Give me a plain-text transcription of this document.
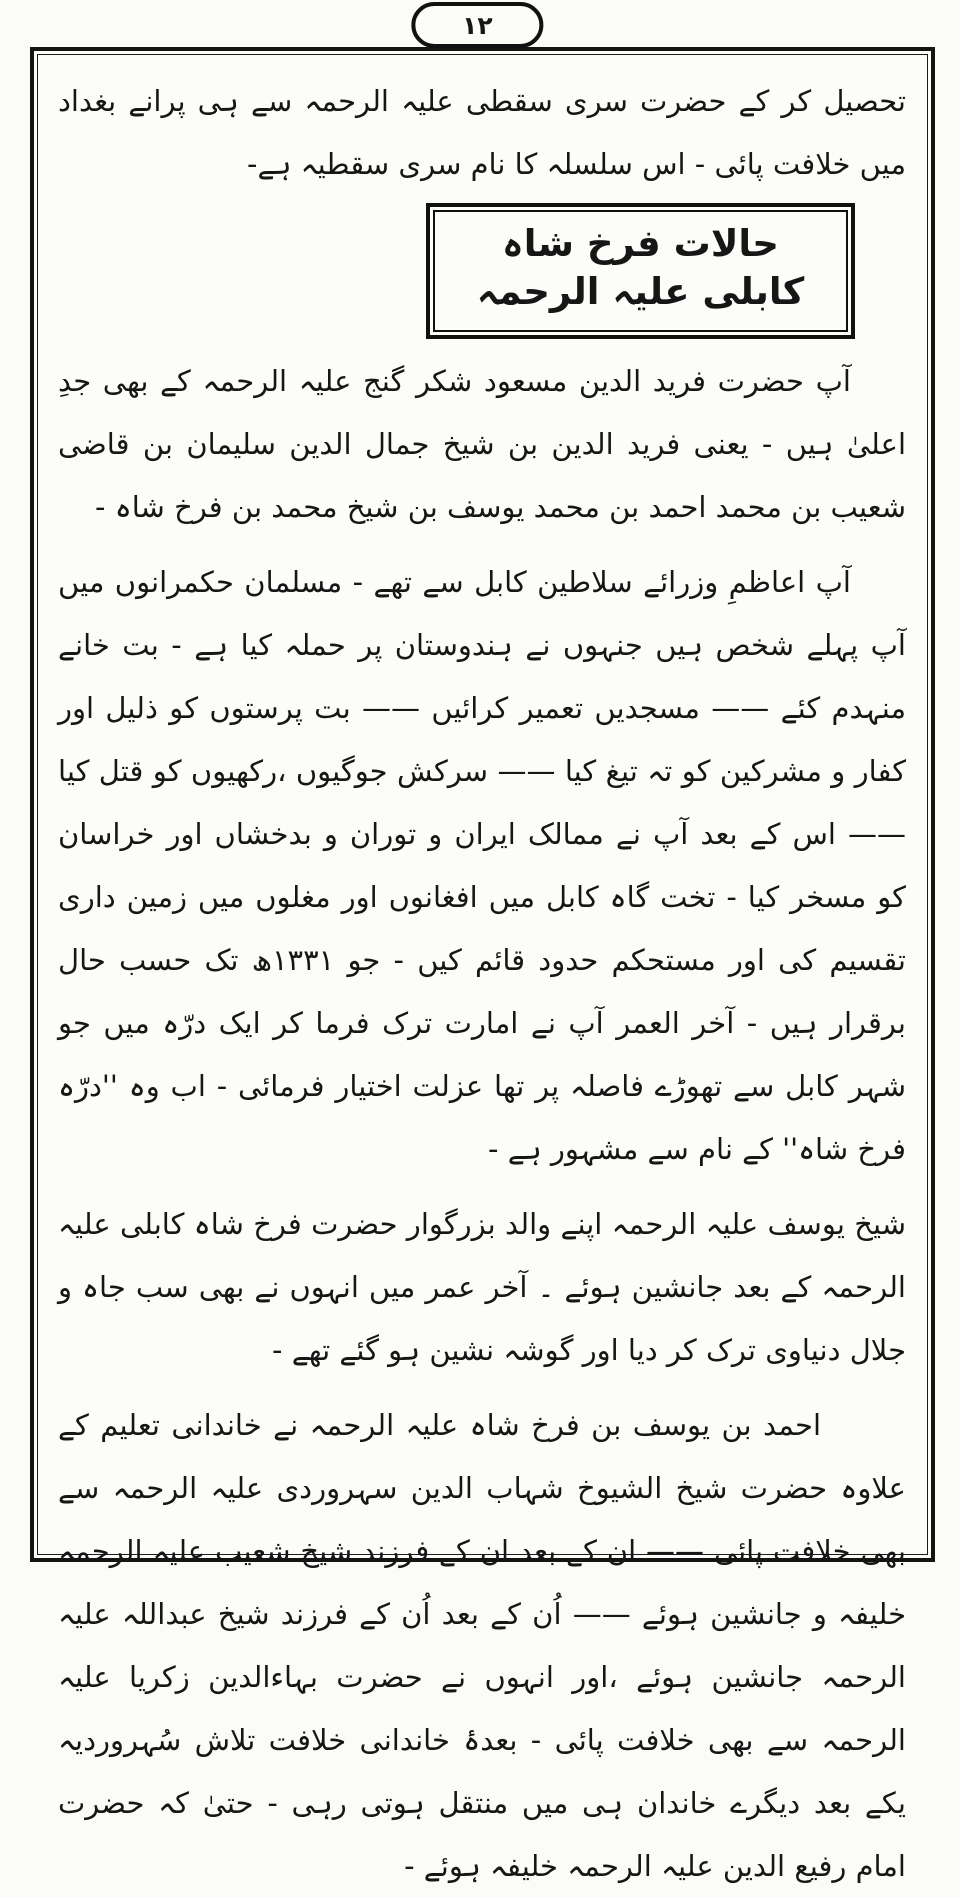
۱۲
تحصیل کر کے حضرت سری سقطی علیہ الرحمہ سے ہی پرانے بغداد میں خلافت پائی - اس سلسلہ کا نام سری سقطیہ ہے-
حالات فرخ شاہ کابلی علیہ الرحمہ
آپ حضرت فرید الدین مسعود شکر گنج علیہ الرحمہ کے بھی جدِ اعلیٰ ہیں - یعنی فرید الدین بن شیخ جمال الدین سلیمان بن قاضی شعیب بن محمد احمد بن محمد یوسف بن شیخ محمد بن فرخ شاہ -
آپ اعاظمِ وزرائے سلاطین کابل سے تھے - مسلمان حکمرانوں میں آپ پہلے شخص ہیں جنہوں نے ہندوستان پر حملہ کیا ہے - بت خانے منہدم کئے —— مسجدیں تعمیر کرائیں —— بت پرستوں کو ذلیل اور کفار و مشرکین کو تہ تیغ کیا —— سرکش جوگیوں ،رکھیوں کو قتل کیا —— اس کے بعد آپ نے ممالک ایران و توران و بدخشاں اور خراسان کو مسخر کیا - تخت گاہ کابل میں افغانوں اور مغلوں میں زمین داری تقسیم کی اور مستحکم حدود قائم کیں - جو ۱۳۳۱ھ تک حسب حال برقرار ہیں - آخر العمر آپ نے امارت ترک فرما کر ایک درّہ میں جو شہر کابل سے تھوڑے فاصلہ پر تھا عزلت اختیار فرمائی - اب وہ ''درّہ فرخ شاہ'' کے نام سے مشہور ہے -
شیخ یوسف علیہ الرحمہ اپنے والد بزرگوار حضرت فرخ شاہ کابلی علیہ الرحمہ کے بعد جانشین ہوئے ۔ آخر عمر میں انہوں نے بھی سب جاہ و جلال دنیاوی ترک کر دیا اور گوشہ نشین ہو گئے تھے -
احمد بن یوسف بن فرخ شاہ علیہ الرحمہ نے خاندانی تعلیم کے علاوہ حضرت شیخ الشیوخ شہاب الدین سہروردی علیہ الرحمہ سے بھی خلافت پائی —— ان کے بعد ان کے فرزند شیخ شعیب علیہ الرحمہ خلیفہ و جانشین ہوئے —— اُن کے بعد اُن کے فرزند شیخ عبداللہ علیہ الرحمہ جانشین ہوئے ،اور انہوں نے حضرت بہاءالدین زکریا علیہ الرحمہ سے بھی خلافت پائی - بعدۂ خاندانی خلافت تلاش سُہروردیہ یکے بعد دیگرے خاندان ہی میں منتقل ہوتی رہی - حتیٰ کہ حضرت امام رفیع الدین علیہ الرحمہ خلیفہ ہوئے -
